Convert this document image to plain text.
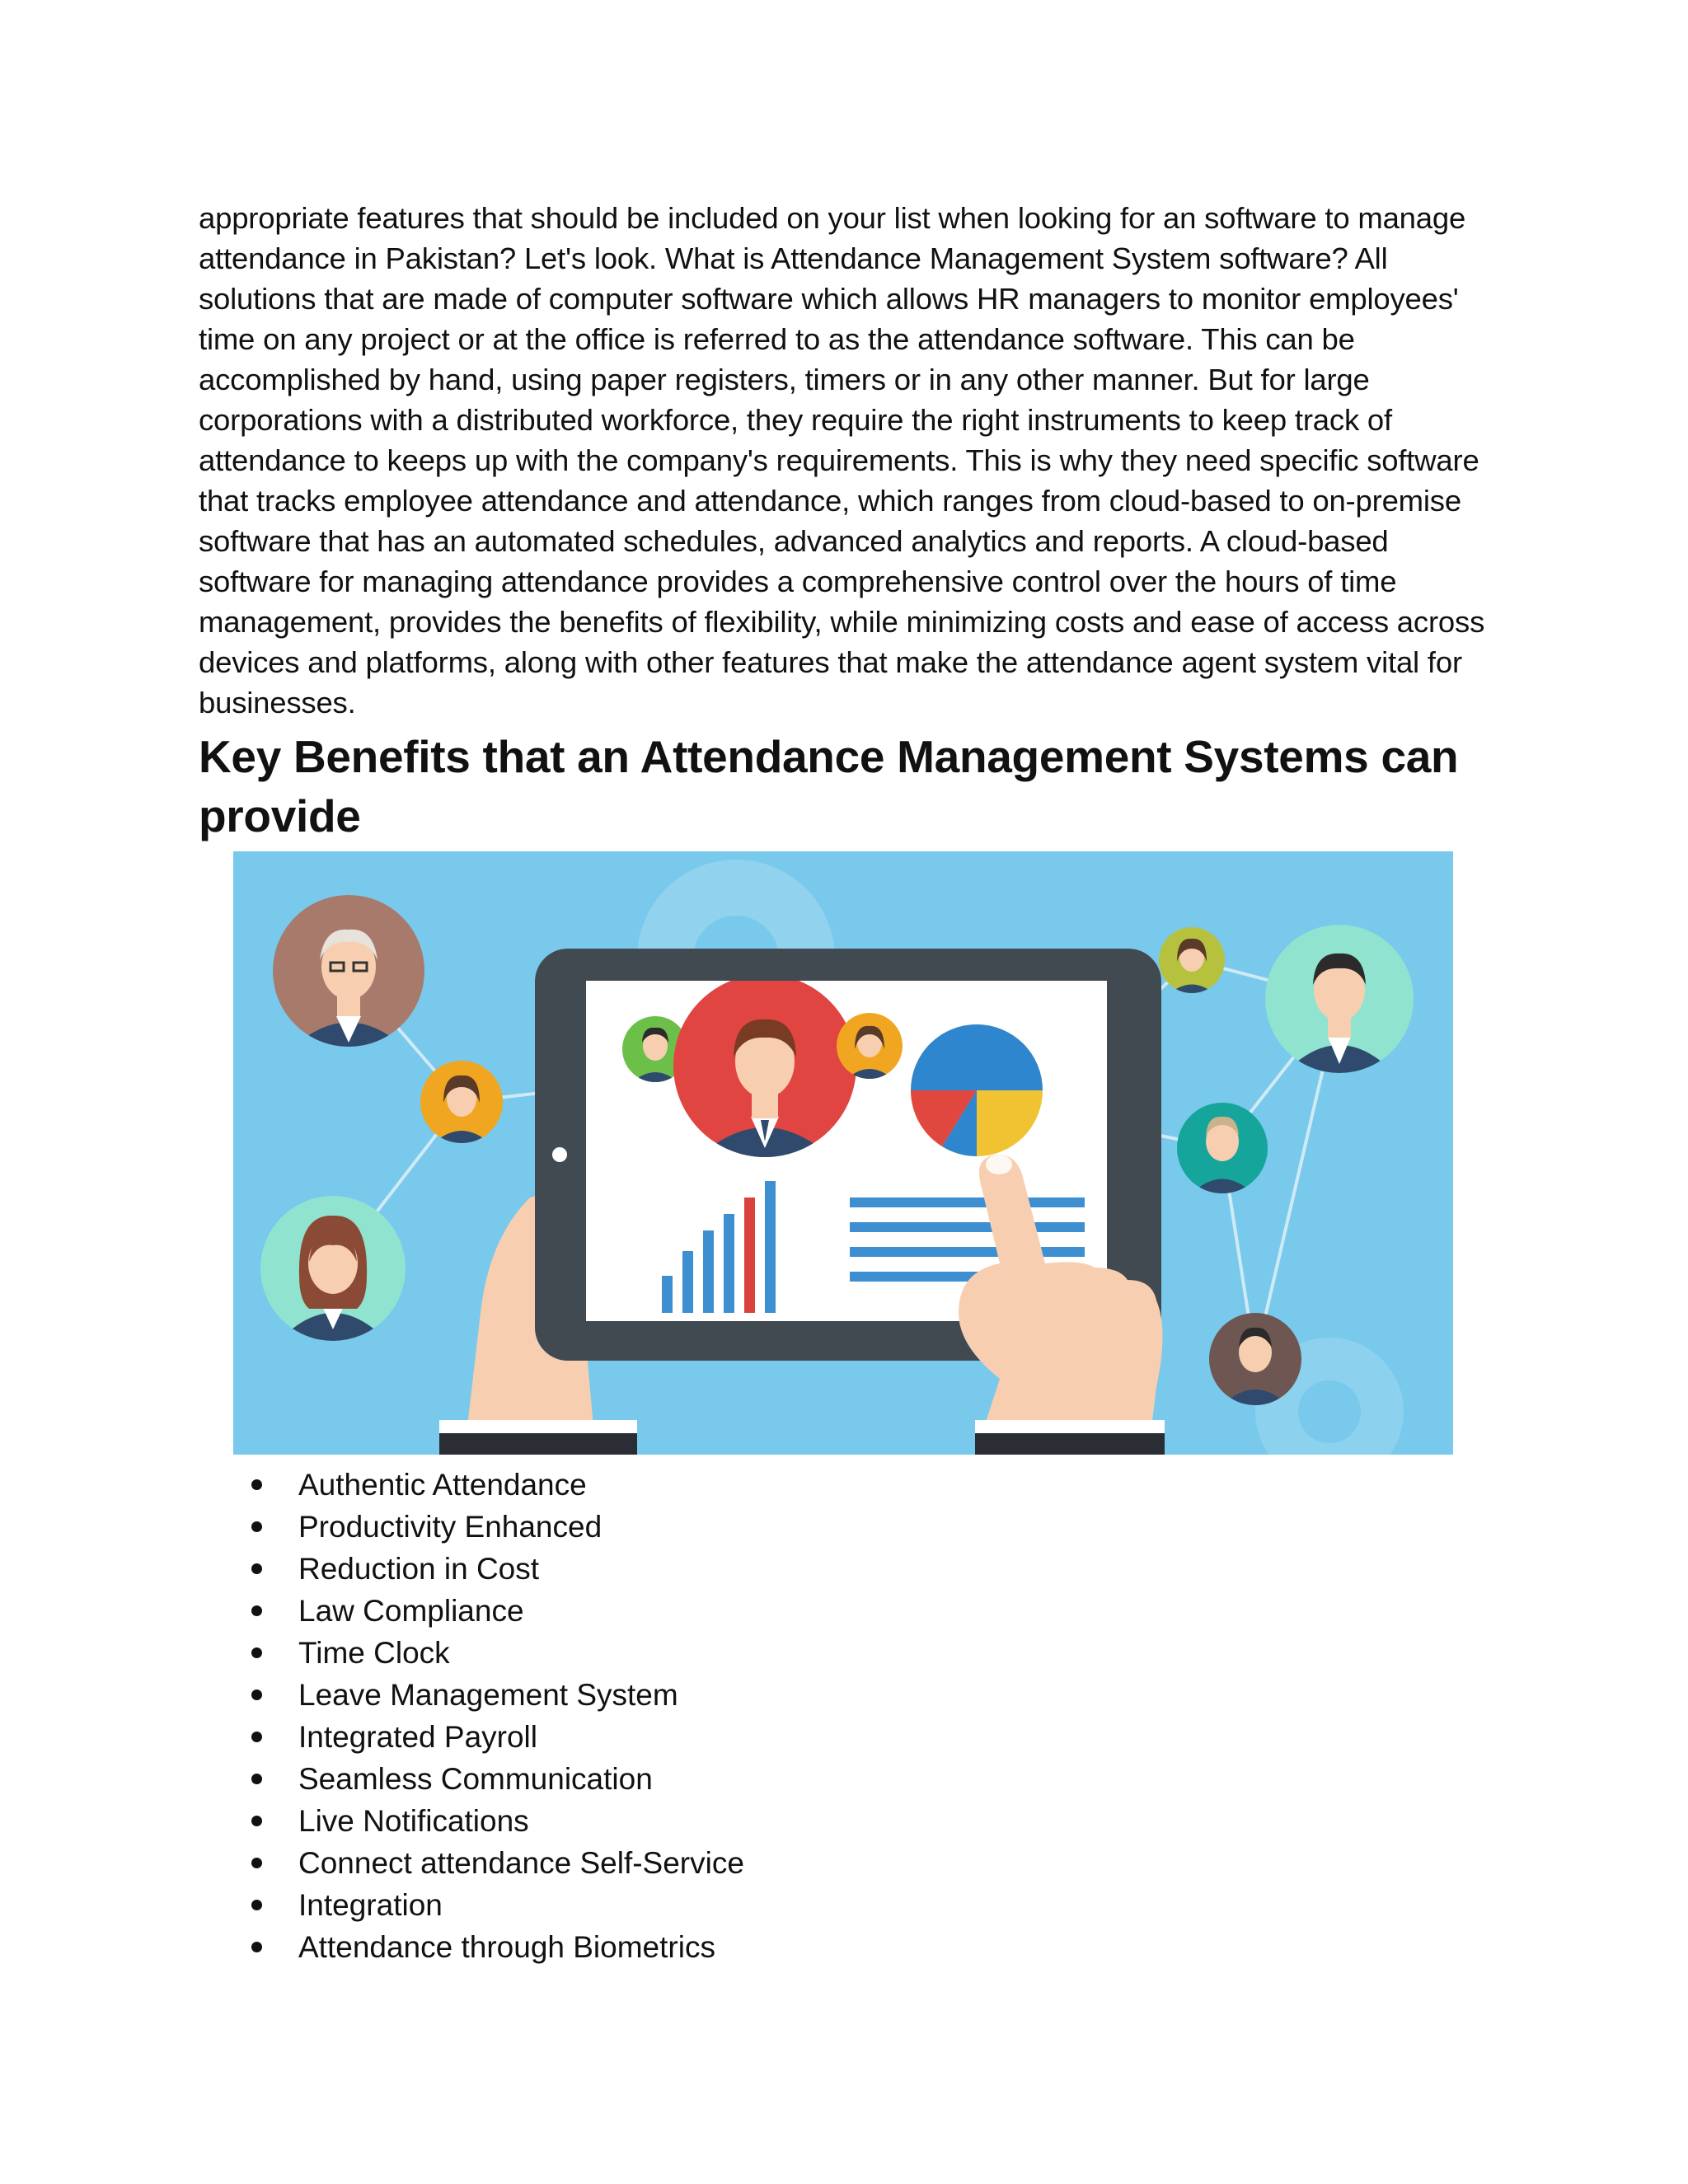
appropriate features that should be included on your list when looking for an software to manage attendance in Pakistan? Let's look. What is Attendance Management System software? All solutions that are made of computer software which allows HR managers to monitor employees' time on any project or at the office is referred to as the attendance software. This can be accomplished by hand, using paper registers, timers or in any other manner. But for large corporations with a distributed workforce, they require the right instruments to keep track of attendance to keeps up with the company's requirements. This is why they need specific software that tracks employee attendance and attendance, which ranges from cloud-based to on-premise software that has an automated schedules, advanced analytics and reports. A cloud-based software for managing attendance provides a comprehensive control over the hours of time management, provides the benefits of flexibility, while minimizing costs and ease of access across devices and platforms, along with other features that make the attendance agent system vital for businesses.

Key Benefits that an Attendance Management Systems can provide
Authentic Attendance
Productivity Enhanced
Reduction in Cost
Law Compliance
Time Clock
Leave Management System
Integrated Payroll
Seamless Communication
Live Notifications
Connect attendance Self-Service
Integration
Attendance through Biometrics
